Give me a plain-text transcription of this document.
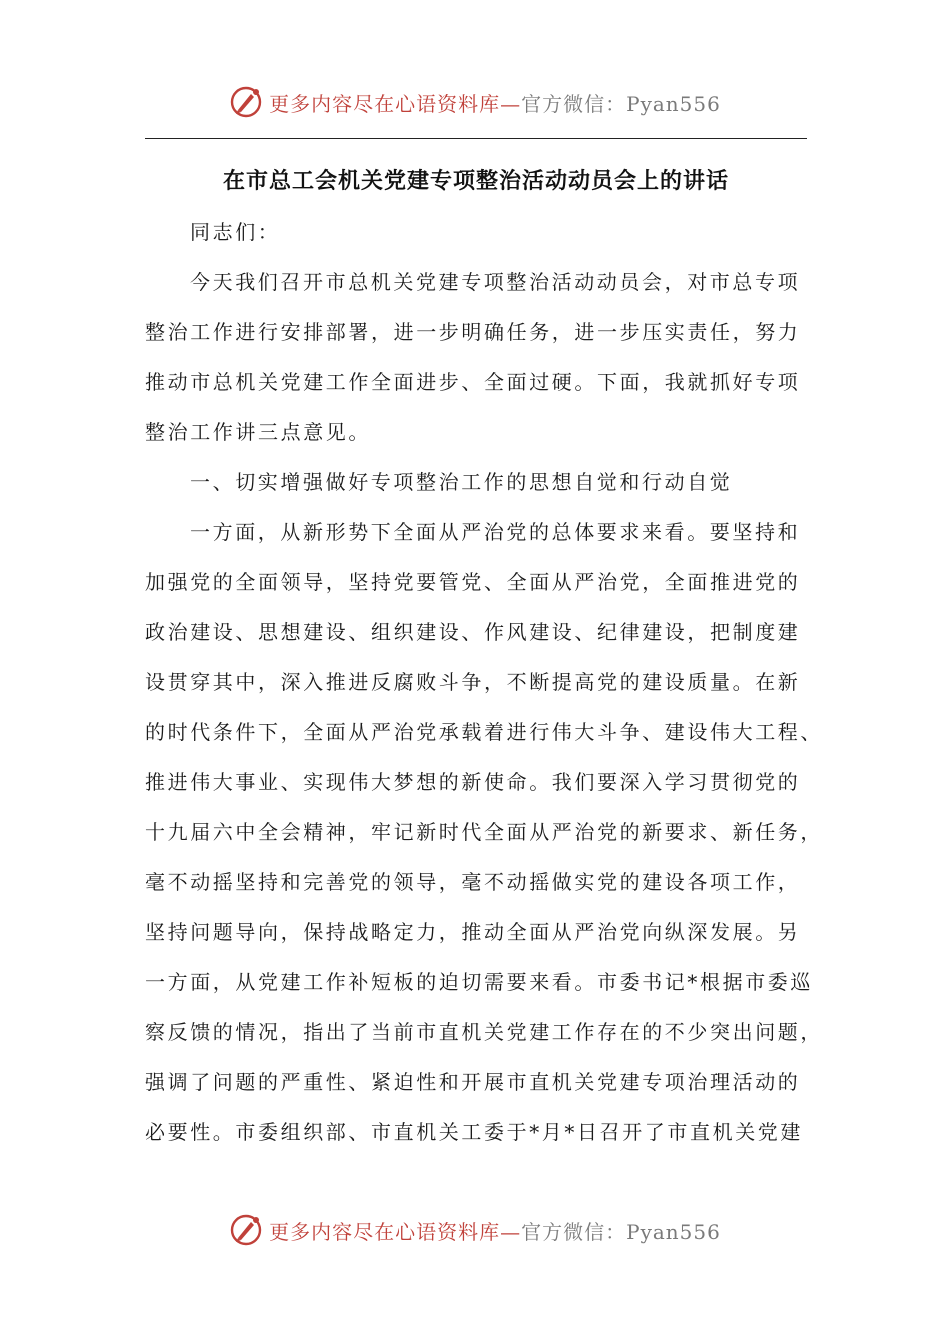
更多内容尽在心语资料库—官方微信：Pyan556
在市总工会机关党建专项整治活动动员会上的讲话
同志们：
今天我们召开市总机关党建专项整治活动动员会，对市总专项
整治工作进行安排部署，进一步明确任务，进一步压实责任，努力
推动市总机关党建工作全面进步、全面过硬。下面，我就抓好专项
整治工作讲三点意见。
一、切实增强做好专项整治工作的思想自觉和行动自觉
一方面，从新形势下全面从严治党的总体要求来看。要坚持和
加强党的全面领导，坚持党要管党、全面从严治党，全面推进党的
政治建设、思想建设、组织建设、作风建设、纪律建设，把制度建
设贯穿其中，深入推进反腐败斗争，不断提高党的建设质量。在新
的时代条件下，全面从严治党承载着进行伟大斗争、建设伟大工程、
推进伟大事业、实现伟大梦想的新使命。我们要深入学习贯彻党的
十九届六中全会精神，牢记新时代全面从严治党的新要求、新任务，
毫不动摇坚持和完善党的领导，毫不动摇做实党的建设各项工作，
坚持问题导向，保持战略定力，推动全面从严治党向纵深发展。另
一方面，从党建工作补短板的迫切需要来看。市委书记*根据市委巡
察反馈的情况，指出了当前市直机关党建工作存在的不少突出问题，
强调了问题的严重性、紧迫性和开展市直机关党建专项治理活动的
必要性。市委组织部、市直机关工委于*月*日召开了市直机关党建
更多内容尽在心语资料库—官方微信：Pyan556
